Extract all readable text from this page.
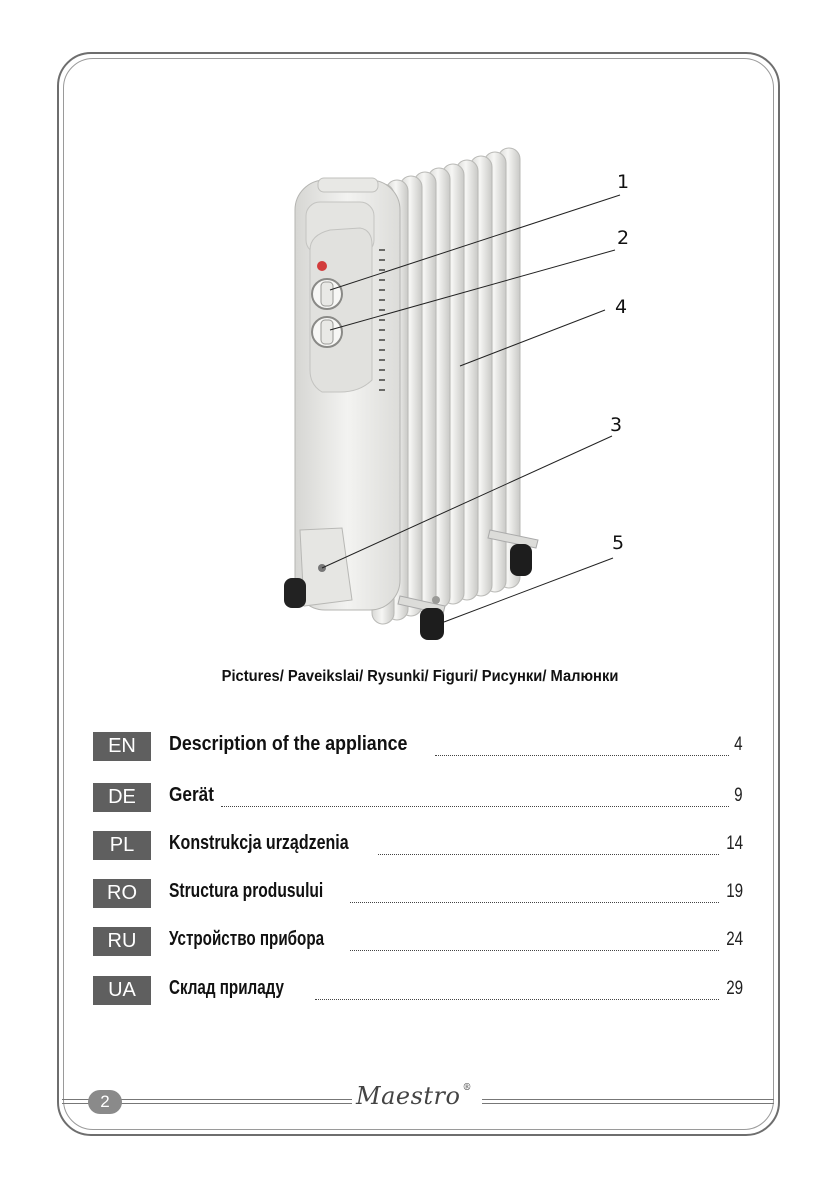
1
2
4
3
5
Pictures/ Paveikslai/ Rysunki/ Figuri/ Рисунки/ Малюнки
EN	Description of the appliance	4
DE	Gerät	9
PL	Konstrukcja urządzenia	14
RO	Structura produsului	19
RU	Устройство прибора	24
UA	Склад приладу	29
2	Maestro ®
